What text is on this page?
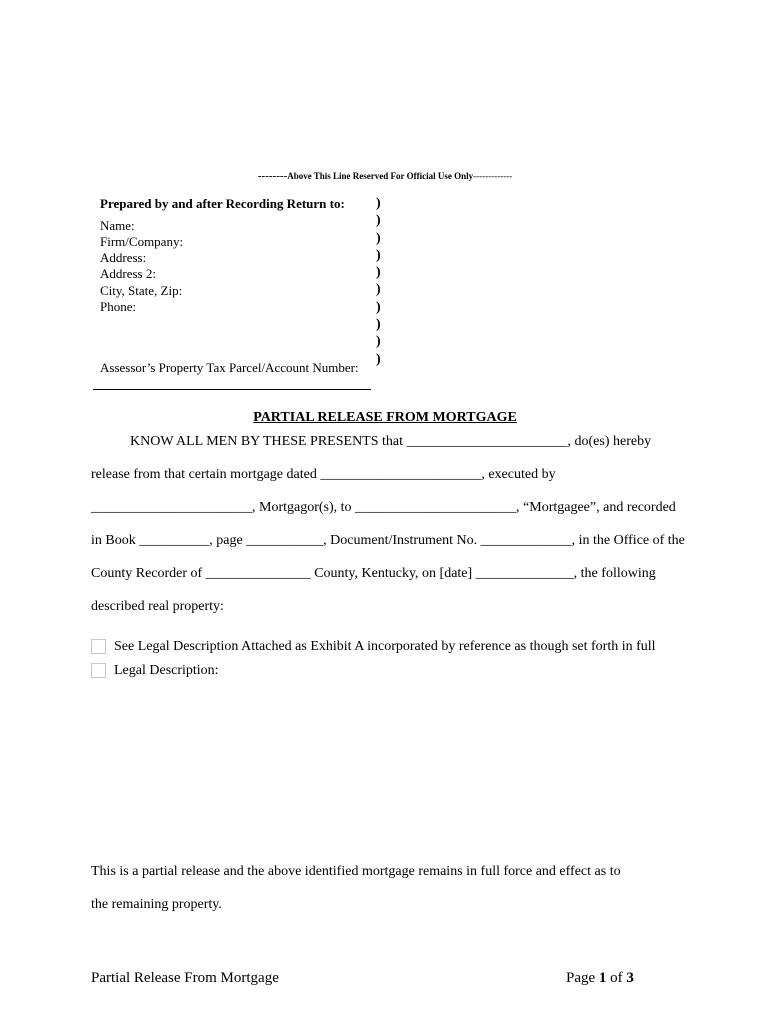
--------Above This Line Reserved For Official Use Only-------------
Prepared by and after Recording Return to:
Name:
Firm/Company:
Address:
Address 2:
City, State, Zip:
Phone:
Assessor’s Property Tax Parcel/Account Number:
)
)
)
)
)
)
)
)
)
)
PARTIAL RELEASE FROM MORTGAGE
KNOW ALL MEN BY THESE PRESENTS that _______________________, do(es) hereby
release from that certain mortgage dated _______________________, executed by
_______________________, Mortgagor(s), to _______________________, “Mortgagee”, and recorded
in Book __________, page ___________, Document/Instrument No. _____________, in the Office of the
County Recorder of _______________ County, Kentucky, on [date] ______________, the following
described real property:
See Legal Description Attached as Exhibit A incorporated by reference as though set forth in full
Legal Description:
This is a partial release and the above identified mortgage remains in full force and effect as to
the remaining property.
Partial Release From Mortgage	Page 1 of 3
